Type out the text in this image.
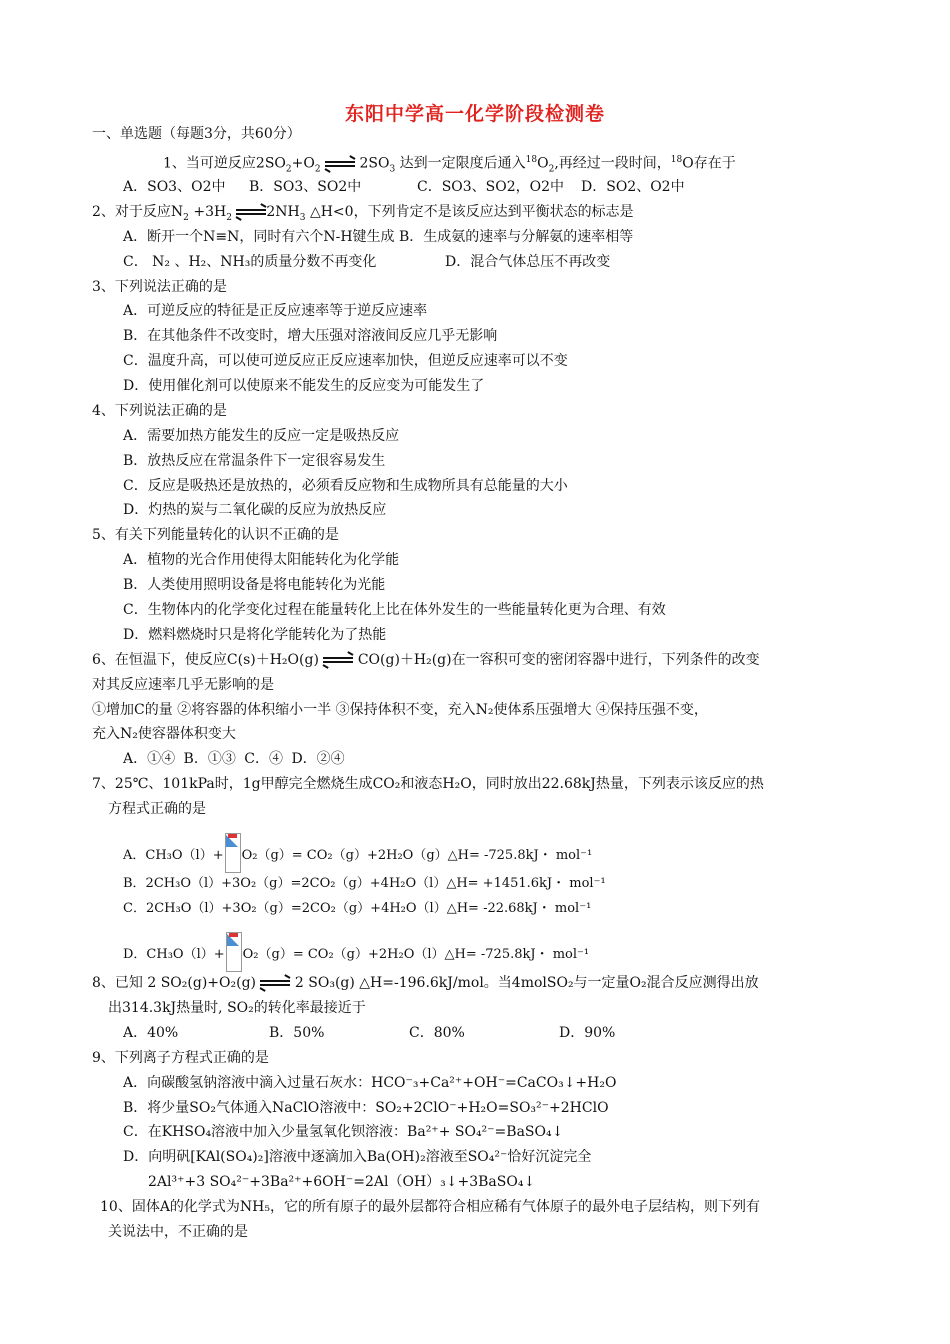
东阳中学高一化学阶段检测卷
一、单选题（每题3分，共60分）
1、当可逆反应$2SO_2+O_2$	$2SO_3$ 达到一定限度后通入$^{18}O_2$,再经过一段时间，$^{18}$O存在于
A．SO3、O2中 B．SO3、SO2中	C．SO3、SO2，O2中 D．SO2、O2中
2、对于反应$N_2 +3H_2$ $2NH_3$ △H<0，下列肯定不是该反应达到平衡状态的标志是
A．断开一个N≡N，同时有六个N-H键生成 B．生成氨的速率与分解氨的速率相等
C． N₂ 、H₂、NH₃的质量分数不再变化	D．混合气体总压不再改变
3、下列说法正确的是
A．可逆反应的特征是正反应速率等于逆反应速率
B．在其他条件不改变时，增大压强对溶液间反应几乎无影响
C．温度升高，可以使可逆反应正反应速率加快，但逆反应速率可以不变
D．使用催化剂可以使原来不能发生的反应变为可能发生了
4、下列说法正确的是
A．需要加热方能发生的反应一定是吸热反应
B．放热反应在常温条件下一定很容易发生
C．反应是吸热还是放热的，必须看反应物和生成物所具有总能量的大小
D．灼热的炭与二氧化碳的反应为放热反应
5、有关下列能量转化的认识不正确的是
A．植物的光合作用使得太阳能转化为化学能
B．人类使用照明设备是将电能转化为光能
C．生物体内的化学变化过程在能量转化上比在体外发生的一些能量转化更为合理、有效
D．燃料燃烧时只是将化学能转化为了热能
6、在恒温下，使反应C(s)＋H₂O(g)	CO(g)＋H₂(g)在一容积可变的密闭容器中进行，下列条件的改变
对其反应速率几乎无影响的是
①增加C的量 ②将容器的体积缩小一半 ③保持体积不变，充入N₂使体系压强增大 ④保持压强不变，
充入N₂使容器体积变大
A．①④ B．①③ C．④ D．②④
7、25℃、101kPa时，1g甲醇完全燃烧生成CO₂和液态H₂O，同时放出22.68kJ热量，下列表示该反应的热
方程式正确的是
A．CH₃O（l）+ O₂（g）= CO₂（g）+2H₂O（g）△H= -725.8kJ・ mol⁻¹
B．2CH₃O（l）+3O₂（g）=2CO₂（g）+4H₂O（l）△H= +1451.6kJ・ mol⁻¹
C．2CH₃O（l）+3O₂（g）=2CO₂（g）+4H₂O（l）△H= -22.68kJ・ mol⁻¹
D．CH₃O（l）+ O₂（g）= CO₂（g）+2H₂O（l）△H= -725.8kJ・ mol⁻¹
8、已知 2 SO₂(g)+O₂(g)	2 SO₃(g) △H=-196.6kJ/mol。当4molSO₂与一定量O₂混合反应测得出放
出314.3kJ热量时, SO₂的转化率最接近于
A．40%	B．50%	C．80%	D．90%
9、下列离子方程式正确的是
A．向碳酸氢钠溶液中滴入过量石灰水：HCO⁻₃+Ca²⁺+OH⁻=CaCO₃↓+H₂O
B．将少量SO₂气体通入NaClO溶液中：SO₂+2ClO⁻+H₂O=SO₃²⁻+2HClO
C．在KHSO₄溶液中加入少量氢氧化钡溶液：Ba²⁺+ SO₄²⁻=BaSO₄↓
D．向明矾[KAl(SO₄)₂]溶液中逐滴加入Ba(OH)₂溶液至SO₄²⁻恰好沉淀完全
2Al³⁺+3 SO₄²⁻+3Ba²⁺+6OH⁻=2Al（OH）₃↓+3BaSO₄↓
10、固体A的化学式为NH₅，它的所有原子的最外层都符合相应稀有气体原子的最外电子层结构，则下列有
关说法中，不正确的是
